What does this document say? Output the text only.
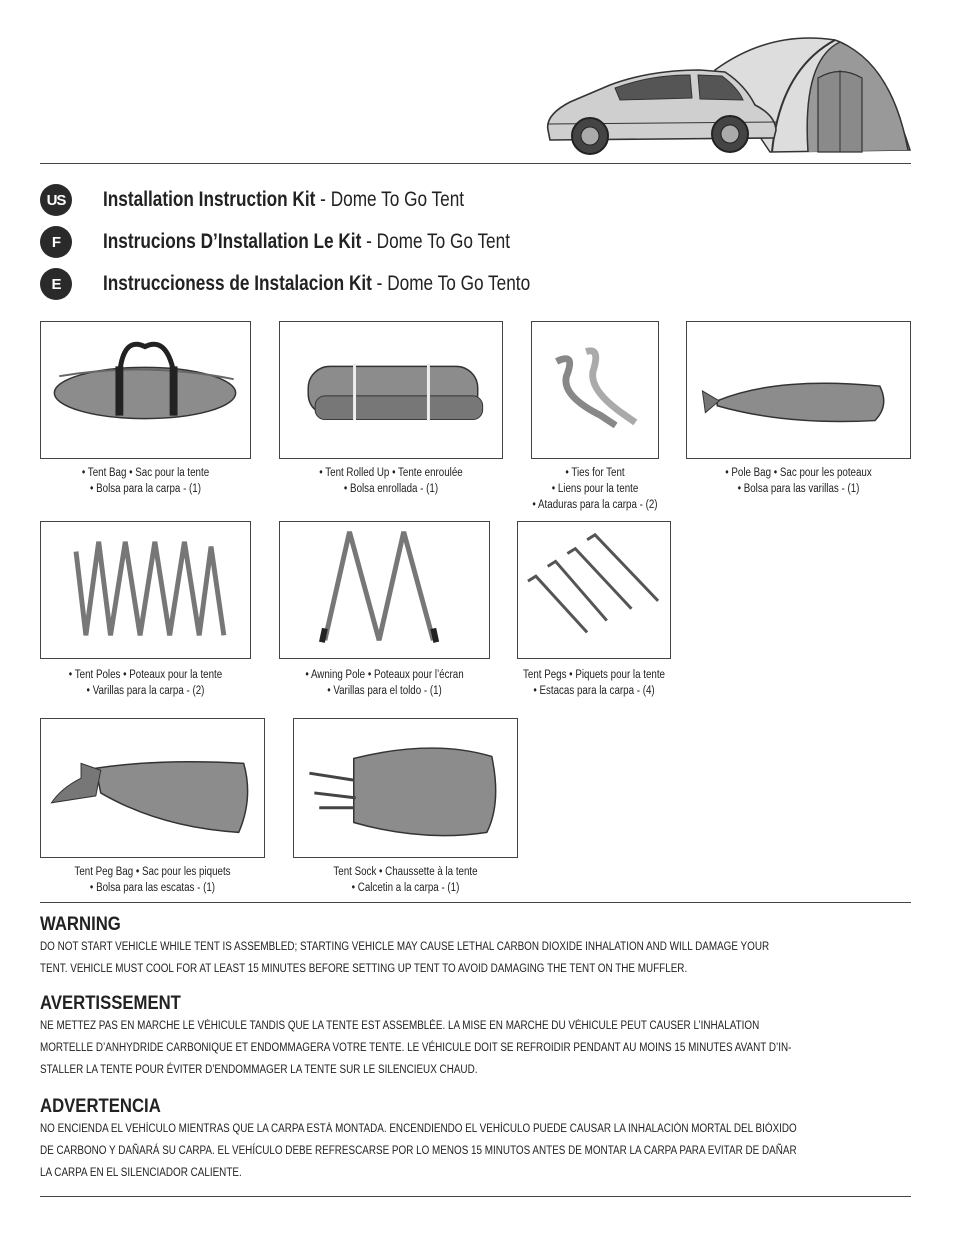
US	Installation Instruction Kit - Dome To Go Tent
F	Instrucions D’Installation Le Kit - Dome To Go Tent
E	Instruccioness de Instalacion Kit - Dome To Go Tento
• Tent Bag • Sac pour la tente
• Bolsa para la carpa - (1)
• Tent Rolled Up • Tente enroulée
• Bolsa enrollada - (1)
• Ties for Tent
• Liens pour la tente
• Ataduras para la carpa - (2)
• Pole Bag • Sac pour les poteaux
• Bolsa para las varillas - (1)
• Tent Poles • Poteaux pour la tente
• Varillas para la carpa - (2)
• Awning Pole • Poteaux pour l’écran
• Varillas para el toldo - (1)
Tent Pegs • Piquets pour la tente
• Estacas para la carpa - (4)
Tent Peg Bag • Sac pour les piquets
• Bolsa para las escatas - (1)
Tent Sock • Chaussette à la tente
• Calcetin a la carpa - (1)
WARNING

DO NOT START VEHICLE WHILE TENT IS ASSEMBLED; STARTING VEHICLE MAY CAUSE LETHAL CARBON DIOXIDE INHALATION AND WILL DAMAGE YOUR TENT. VEHICLE MUST COOL FOR AT LEAST 15 MINUTES BEFORE SETTING UP TENT TO AVOID DAMAGING THE TENT ON THE MUFFLER.

AVERTISSEMENT

NE METTEZ PAS EN MARCHE LE VÉHICULE TANDIS QUE LA TENTE EST ASSEMBLÉE. LA MISE EN MARCHE DU VÉHICULE PEUT CAUSER L’INHALATION MORTELLE D’ANHYDRIDE CARBONIQUE ET ENDOMMAGERA VOTRE TENTE. LE VÉHICULE DOIT SE REFROIDIR PENDANT AU MOINS 15 MINUTES AVANT D’IN-STALLER LA TENTE POUR ÉVITER D’ENDOMMAGER LA TENTE SUR LE SILENCIEUX CHAUD.

ADVERTENCIA

NO ENCIENDA EL VEHÍCULO MIENTRAS QUE LA CARPA ESTÁ MONTADA. ENCENDIENDO EL VEHÍCULO PUEDE CAUSAR LA INHALACIÓN MORTAL DEL BIÓXIDO DE CARBONO Y DAÑARÁ SU CARPA. EL VEHÍCULO DEBE REFRESCARSE POR LO MENOS 15 MINUTOS ANTES DE MONTAR LA CARPA PARA EVITAR DE DAÑAR LA CARPA EN EL SILENCIADOR CALIENTE.
